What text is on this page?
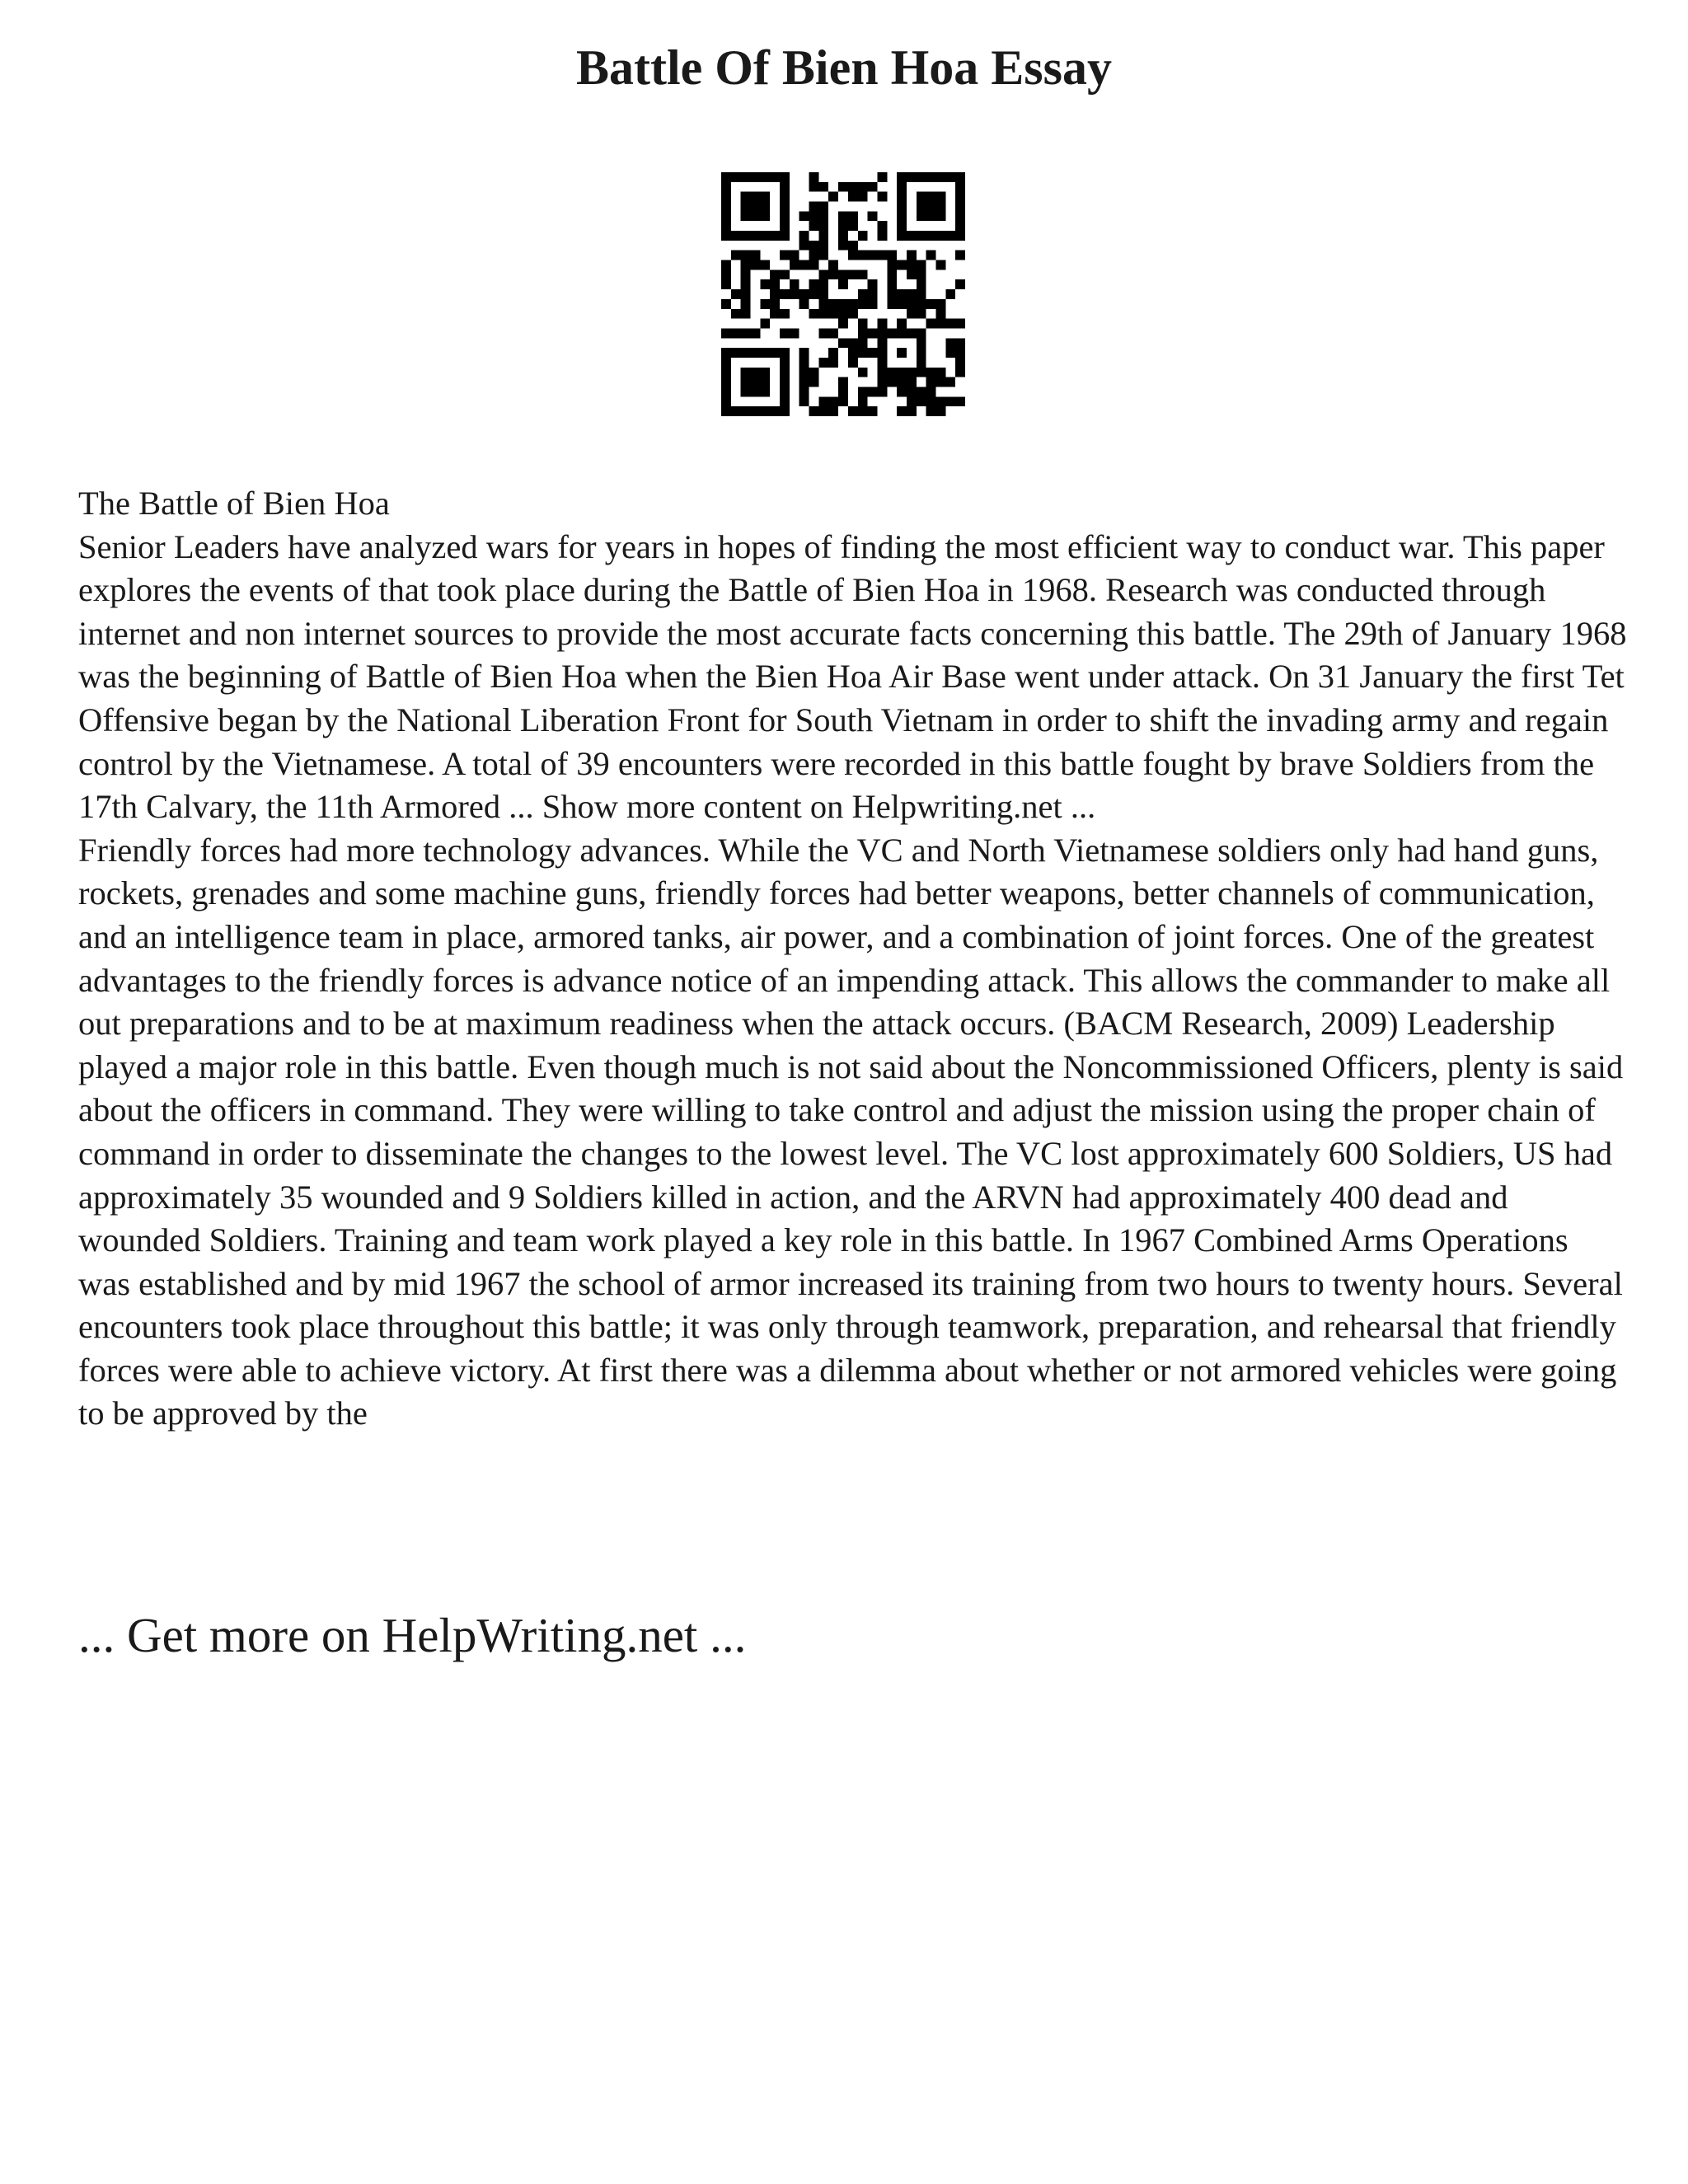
Battle Of Bien Hoa Essay

The Battle of Bien Hoa

Senior Leaders have analyzed wars for years in hopes of finding the most efficient way to conduct war. This paper explores the events of that took place during the Battle of Bien Hoa in 1968. Research was conducted through internet and non internet sources to provide the most accurate facts concerning this battle. The 29th of January 1968 was the beginning of Battle of Bien Hoa when the Bien Hoa Air Base went under attack. On 31 January the first Tet Offensive began by the National Liberation Front for South Vietnam in order to shift the invading army and regain control by the Vietnamese. A total of 39 encounters were recorded in this battle fought by brave Soldiers from the 17th Calvary, the 11th Armored ... Show more content on Helpwriting.net ...

Friendly forces had more technology advances. While the VC and North Vietnamese soldiers only had hand guns, rockets, grenades and some machine guns, friendly forces had better weapons, better channels of communication, and an intelligence team in place, armored tanks, air power, and a combination of joint forces. One of the greatest advantages to the friendly forces is advance notice of an impending attack. This allows the commander to make all out preparations and to be at maximum readiness when the attack occurs. (BACM Research, 2009) Leadership played a major role in this battle. Even though much is not said about the Noncommissioned Officers, plenty is said about the officers in command. They were willing to take control and adjust the mission using the proper chain of command in order to disseminate the changes to the lowest level. The VC lost approximately 600 Soldiers, US had approximately 35 wounded and 9 Soldiers killed in action, and the ARVN had approximately 400 dead and wounded Soldiers. Training and team work played a key role in this battle. In 1967 Combined Arms Operations was established and by mid 1967 the school of armor increased its training from two hours to twenty hours. Several encounters took place throughout this battle; it was only through teamwork, preparation, and rehearsal that friendly forces were able to achieve victory. At first there was a dilemma about whether or not armored vehicles were going to be approved by the

... Get more on HelpWriting.net ...
